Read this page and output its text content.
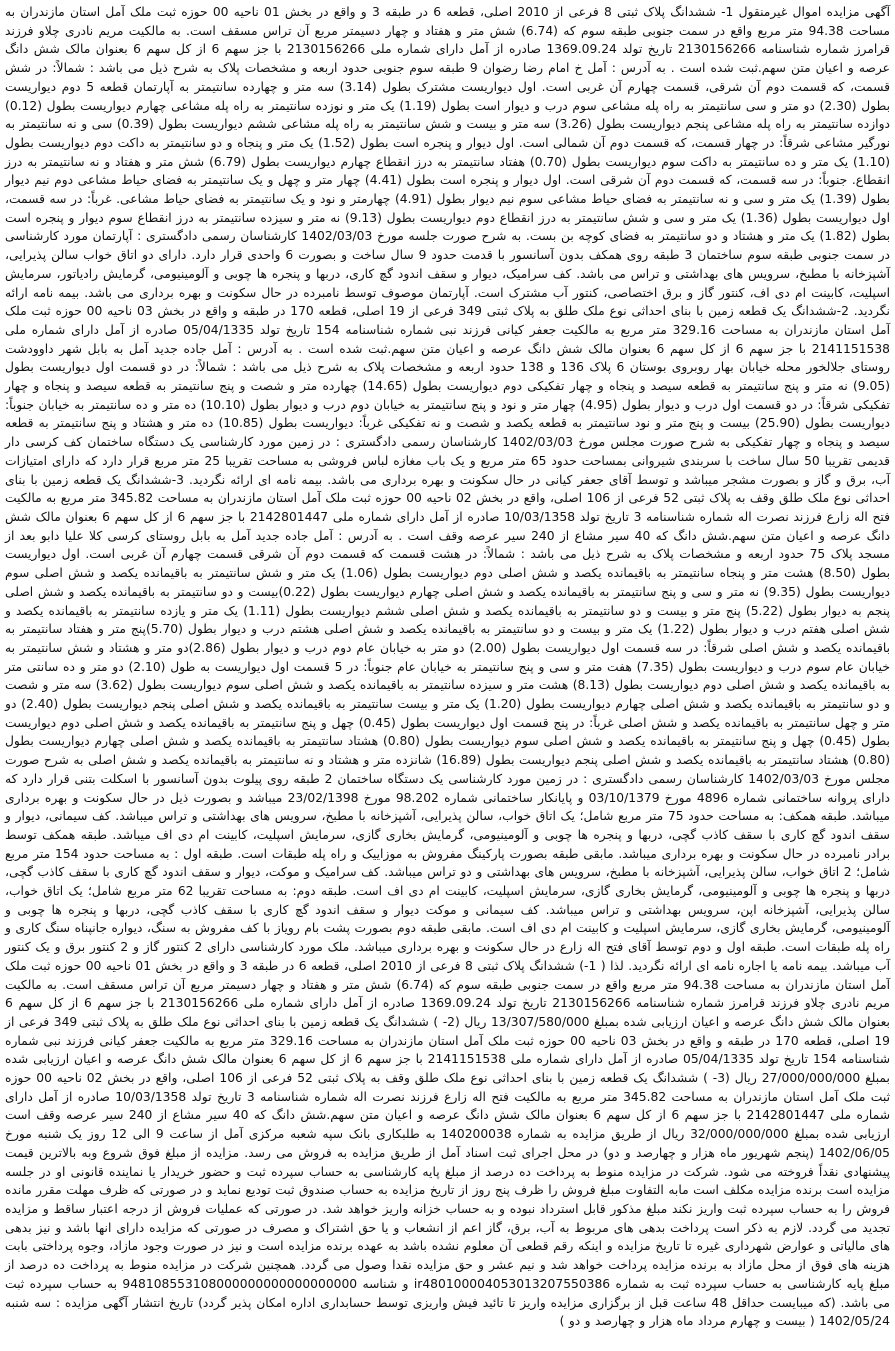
آگهی مزایده اموال غیرمنقول 1- ششدانگ پلاک ثبتی 8 فرعی از 2010 اصلی، قطعه 6 در طبقه 3 و واقع در بخش 01 ناحیه 00 حوزه ثبت ملک آمل استان مازندران به مساحت 94.38 متر مربع واقع در سمت جنوبی طبقه سوم که (6.74) شش متر و هفتاد و چهار دسیمتر مربع آن تراس مسقف است. به مالکیت مریم نادری چلاو فرزند قرامرز شماره شناسنامه 2130156266 تاریخ تولد 1369.09.24 صادره از آمل دارای شماره ملی 2130156266 با جز سهم 6 از کل سهم 6 بعنوان مالک شش دانگ عرصه و اعیان متن سهم.ثبت شده است . به آدرس : آمل خ امام رضا رضوان 9 طبقه سوم جنوبی حدود اربعه و مشخصات پلاک به شرح ذیل می باشد : شمالاً: در شش قسمت، که قسمت دوم آن شرقی، قسمت چهارم آن غربی است. اول دیواریست مشترک بطول (3.14) سه متر و چهارده سانتیمتر به آپارتمان قطعه 5 دوم دیواریست بطول (2.30) دو متر و سی سانتیمتر به راه پله مشاعی سوم درب و دیوار است بطول (1.19) یک متر و نوزده سانتیمتر به راه پله مشاعی چهارم دیواریست بطول (0.12) دوازده سانتیمتر به راه پله مشاعی پنجم دیواریست بطول (3.26) سه متر و بیست و شش سانتیمتر به راه پله مشاعی ششم دیواریست بطول (0.39) سی و نه سانتیمتر به نورگیر مشاعی شرقاً: در چهار قسمت، که قسمت دوم آن شمالی است. اول دیوار و پنجره است بطول (1.52) یک متر و پنجاه و دو سانتیمتر به داکت دوم دیواریست بطول (1.10) یک متر و ده سانتیمتر به داکت سوم دیواریست بطول (0.70) هفتاد سانتیمتر به درز انقطاع چهارم دیواریست بطول (6.79) شش متر و هفتاد و نه سانتیمتر به درز انقطاع. جنوباً: در سه قسمت، که قسمت دوم آن شرقی است. اول دیوار و پنجره است بطول (4.41) چهار متر و چهل و یک سانتیمتر به فضای حیاط مشاعی دوم نیم دیوار بطول (1.39) یک متر و سی و نه سانتیمتر به فضای حیاط مشاعی سوم نیم دیوار بطول (4.91) چهارمتر و نود و یک سانتیمتر به فضای حیاط مشاعی. غرباً: در سه قسمت، اول دیواریست بطول (1.36) یک متر و سی و شش سانتیمتر به درز انقطاع دوم دیواریست بطول (9.13) نه متر و سیزده سانتیمتر به درز انقطاع سوم دیوار و پنجره است بطول (1.82) یک متر و هشتاد و دو سانتیمتر به فضای کوچه بن بست. به شرح صورت جلسه مورخ 1402/03/03 کارشناسان رسمی دادگستری : آپارتمان مورد کارشناسی در سمت جنوبی طبقه سوم ساختمان 3 طبقه روی همکف بدون آسانسور با قدمت حدود 9 سال ساخت و بصورت 6 واحدی قرار دارد. دارای دو اتاق خواب سالن پذیرایی، آشپزخانه با مطبخ، سرویس های بهداشتی و تراس می باشد. کف سرامیک، دیوار و سقف اندود گچ کاری، دربها و پنجره ها چوبی و آلومینیومی، گرمایش رادیاتور، سرمایش اسپلیت، کابینت ام دی اف، کنتور گاز و برق اختصاصی، کنتور آب مشترک است. آپارتمان موصوف توسط نامبرده در حال سکونت و بهره برداری می باشد. بیمه نامه ارائه نگردید. 2-ششدانگ یک قطعه زمین با بنای احداثی نوع ملک طلق به پلاک ثبتی 349 فرعی از 19 اصلی، قطعه 170 در طبقه و واقع در بخش 03 ناحیه 00 حوزه ثبت ملک آمل استان مازندران به مساحت 329.16 متر مربع به مالکیت جعفر کیانی فرزند نبی شماره شناسنامه 154 تاریخ تولد 05/04/1335 صادره از آمل دارای شماره ملی 2141151538 با جز سهم 6 از کل سهم 6 بعنوان مالک شش دانگ عرصه و اعیان متن سهم.ثبت شده است . به آدرس : آمل جاده جدید آمل به بابل شهر داوودشت روستای جلالخور محله خیابان بهار روبروی بوستان 6 پلاک 136 و 138 حدود اربعه و مشخصات پلاک به شرح ذیل می باشد : شمالاً: در دو قسمت اول دیواریست بطول (9.05) نه متر و پنج سانتیمتر به قطعه سیصد و پنجاه و چهار تفکیکی دوم دیواریست بطول (14.65) چهارده متر و شصت و پنج سانتیمتر به قطعه سیصد و پنجاه و چهار تفکیکی شرقاً: در دو قسمت اول درب و دیوار بطول (4.95) چهار متر و نود و پنج سانتیمتر به خیابان دوم درب و دیوار بطول (10.10) ده متر و ده سانتیمتر به خیابان جنوباً: دیواریست بطول (25.90) بیست و پنج متر و نود سانتیمتر به قطعه یکصد و شصت و نه تفکیکی غرباً: دیواریست بطول (10.85) ده متر و هشتاد و پنج سانتیمتر به قطعه سیصد و پنجاه و چهار تفکیکی به شرح صورت مجلس مورخ 1402/03/03 کارشناسان رسمی دادگستری : در زمین مورد کارشناسی یک دستگاه ساختمان کف کرسی دار قدیمی تقریبا 50 سال ساخت با سربندی شیروانی بمساحت حدود 65 متر مربع و یک باب مغازه لباس فروشی به مساحت تقریبا 25 متر مربع قرار دارد که دارای امتیازات آب، برق و گاز و بصورت مشجر میباشد و توسط آقای جعفر کیانی در حال سکونت و بهره برداری می باشد. بیمه نامه ای ارائه نگردید. 3-ششدانگ یک قطعه زمین با بنای احداثی نوع ملک طلق وقف به پلاک ثبتی 52 فرعی از 106 اصلی، واقع در بخش 02 ناحیه 00 حوزه ثبت ملک آمل استان مازندران به مساحت 345.82 متر مربع به مالکیت فتح اله زارع فرزند نصرت اله شماره شناسنامه 3 تاریخ تولد 10/03/1358 صادره از آمل دارای شماره ملی 2142801447 با جز سهم 6 از کل سهم 6 بعنوان مالک شش دانگ عرصه و اعیان متن سهم.شش دانگ که 40 سیر مشاع از 240 سیر عرصه وقف است . به آدرس : آمل جاده جدید آمل به بابل روستای کرسی کلا علیا دابو بعد از مسجد پلاک 75 حدود اربعه و مشخصات پلاک به شرح ذیل می باشد : شمالاً: در هشت قسمت که قسمت دوم آن شرقی قسمت چهارم آن غربی است. اول دیواریست بطول (8.50) هشت متر و پنجاه سانتیمتر به باقیمانده یکصد و شش اصلی دوم دیواریست بطول (1.06) یک متر و شش سانتیمتر به باقیمانده یکصد و شش اصلی سوم دیواریست بطول (9.35) نه متر و سی و پنج سانتیمتر به باقیمانده یکصد و شش اصلی چهارم دیواریست بطول (0.22)بیست و دو سانتیمتر به باقیمانده یکصد و شش اصلی پنجم به دیوار بطول (5.22) پنج متر و بیست و دو سانتیمتر به باقیمانده یکصد و شش اصلی ششم دیواریست بطول (1.11) یک متر و یازده سانتیمتر به باقیمانده یکصد و شش اصلی هفتم درب و دیوار بطول (1.22) یک متر و بیست و دو سانتیمتر به باقیمانده یکصد و شش اصلی هشتم درب و دیوار بطول (5.70)پنج متر و هفتاد سانتیمتر به باقیمانده یکصد و شش اصلی شرقاً: در سه قسمت اول دیواریست بطول (2.00) دو متر به خیابان عام دوم درب و دیوار بطول (2.86)دو متر و هشتاد و شش سانتیمتر به خیابان عام سوم درب و دیواریست بطول (7.35) هفت متر و سی و پنج سانتیمتر به خیابان عام جنوباً: در 5 قسمت اول دیواریست به طول (2.10) دو متر و ده سانتی متر به باقیمانده یکصد و شش اصلی دوم دیواریست بطول (8.13) هشت متر و سیزده سانتیمتر به باقیمانده یکصد و شش اصلی سوم دیواریست بطول (3.62) سه متر و شصت و دو سانتیمتر به باقیمانده یکصد و شش اصلی چهارم دیواریست بطول (1.20) یک متر و بیست سانتیمتر به باقیمانده یکصد و شش اصلی پنجم دیواریست بطول (2.40) دو متر و چهل سانتیمتر به باقیمانده یکصد و شش اصلی غرباً: در پنج قسمت اول دیواریست بطول (0.45) چهل و پنج سانتیمتر به باقیمانده یکصد و شش اصلی دوم دیواریست بطول (0.45) چهل و پنج سانتیمتر به باقیمانده یکصد و شش اصلی سوم دیواریست بطول (0.80) هشتاد سانتیمتر به باقیمانده یکصد و شش اصلی چهارم دیواریست بطول (0.80) هشتاد سانتیمتر به باقیمانده یکصد و شش اصلی پنجم دیواریست بطول (16.89) شانزده متر و هشتاد و نه سانتیمتر به باقیمانده یکصد و شش اصلی به شرح صورت مجلس مورخ 1402/03/03 کارشناسان رسمی دادگستری : در زمین مورد کارشناسی یک دستگاه ساختمان 2 طبقه روی پیلوت بدون آسانسور با اسکلت بتنی قرار دارد که دارای پروانه ساختمانی شماره 4896 مورخ 03/10/1379 و پایانکار ساختمانی شماره 98.202 مورخ 23/02/1398 میباشد و بصورت ذیل در حال سکونت و بهره برداری میباشد. طبقه همکف: به مساحت حدود 75 متر مربع شامل؛ یک اتاق خواب، سالن پذیرایی، آشپزخانه با مطبخ، سرویس های بهداشتی و تراس میباشد. کف سیمانی، دیوار و سقف اندود گچ کاری با سقف کاذب گچی، دربها و پنجره ها چوبی و آلومینیومی، گرمایش بخاری گازی، سرمایش اسپلیت، کابینت ام دی اف میباشد. طبقه همکف توسط برادر نامبرده در حال سکونت و بهره برداری میباشد. مابقی طبقه بصورت پارکینگ مفروش به موزاییک و راه پله طبقات است. طبقه اول : به مساحت حدود 154 متر مربع شامل؛ 2 اتاق خواب، سالن پذیرایی، آشپزخانه با مطبخ، سرویس های بهداشتی و دو تراس میباشد. کف سرامیک و موکت، دیوار و سقف اندود گچ کاری با سقف کاذب گچی، دربها و پنجره ها چوبی و آلومینیومی، گرمایش بخاری گازی، سرمایش اسپلیت، کابینت ام دی اف است. طبقه دوم: به مساحت تقریبا 62 متر مربع شامل؛ یک اتاق خواب، سالن پذیرایی، آشپزخانه اپن، سرویس بهداشتی و تراس میباشد. کف سیمانی و موکت دیوار و سقف اندود گچ کاری با سقف کاذب گچی، دربها و پنجره ها چوبی و آلومینیومی، گرمایش بخاری گازی، سرمایش اسپلیت و کابینت ام دی اف است. مابقی طبقه دوم بصورت پشت بام رویاز با کف مفروش به سنگ، دیواره جانپناه سنگ کاری و راه پله طبقات است. طبقه اول و دوم توسط آقای فتح اله زارع در حال سکونت و بهره برداری میباشد. ملک مورد کارشناسی دارای 2 کنتور گاز و 2 کنتور برق و یک کنتور آب میباشد. بیمه نامه یا اجاره نامه ای ارائه نگردید. لذا ( 1-) ششدانگ پلاک ثبتی 8 فرعی از 2010 اصلی، قطعه 6 در طبقه 3 و واقع در بخش 01 ناحیه 00 حوزه ثبت ملک آمل استان مازندران به مساحت 94.38 متر مربع واقع در سمت جنوبی طبقه سوم که (6.74) شش متر و هفتاد و چهار دسیمتر مربع آن تراس مسقف است. به مالکیت مریم نادری چلاو فرزند قرامرز شماره شناسنامه 2130156266 تاریخ تولد 1369.09.24 صادره از آمل دارای شماره ملی 2130156266 با جز سهم 6 از کل سهم 6 بعنوان مالک شش دانگ عرصه و اعیان ارزیابی شده بمبلغ 13/307/580/000 ریال (2- ) ششدانگ یک قطعه زمین با بنای احداثی نوع ملک طلق به پلاک ثبتی 349 فرعی از 19 اصلی، قطعه 170 در طبقه و واقع در بخش 03 ناحیه 00 حوزه ثبت ملک آمل استان مازندران به مساحت 329.16 متر مربع به مالکیت جعفر کیانی فرزند نبی شماره شناسنامه 154 تاریخ تولد 05/04/1335 صادره از آمل دارای شماره ملی 2141151538 با جز سهم 6 از کل سهم 6 بعنوان مالک شش دانگ عرصه و اعیان ارزیابی شده بمبلغ 27/000/000/000 ریال (3- ) ششدانگ یک قطعه زمین با بنای احداثی نوع ملک طلق وقف به پلاک ثبتی 52 فرعی از 106 اصلی، واقع در بخش 02 ناحیه 00 حوزه ثبت ملک آمل استان مازندران به مساحت 345.82 متر مربع به مالکیت فتح اله زارع فرزند نصرت اله شماره شناسنامه 3 تاریخ تولد 10/03/1358 صادره از آمل دارای شماره ملی 2142801447 با جز سهم 6 از کل سهم 6 بعنوان مالک شش دانگ عرصه و اعیان متن سهم.شش دانگ که 40 سیر مشاع از 240 سیر عرصه وقف است ارزیابی شده بمبلغ 32/000/000/000 ریال از طریق مزایده به شماره 140200038 به طلبکاری بانک سپه شعبه مرکزی آمل از ساعت 9 الی 12 روز یک شنبه مورخ 1402/06/05 (پنجم شهریور ماه هزار و چهارصد و دو) در محل اجرای ثبت اسناد آمل از طریق مزایده به فروش می رسد. مزایده از مبلغ فوق شروع وبه بالاترین قیمت پیشنهادی نقداً فروخته می شود. شرکت در مزایده منوط به پرداخت ده درصد از مبلغ پایه کارشناسی به حساب سپرده ثبت و حضور خریدار یا نماینده قانونی او در جلسه مزایده است برنده مزایده مکلف است مابه التفاوت مبلغ فروش را ظرف پنج روز از تاریخ مزایده به حساب صندوق ثبت تودیع نماید و در صورتی که ظرف مهلت مقرر مانده فروش را به حساب سپرده ثبت واریز نکند مبلغ مذکور قابل استرداد نبوده و به حساب خزانه واریز خواهد شد. در صورتی که عملیات فروش از درجه اعتبار ساقط و مزایده تجدید می گردد. لازم به ذکر است پرداخت بدهی های مربوط به آب، برق، گاز اعم از انشعاب و یا حق اشتراک و مصرف در صورتی که مزایده دارای انها باشد و نیز بدهی های مالیاتی و عوارض شهرداری غیره تا تاریخ مزایده و اینکه رقم قطعی آن معلوم نشده باشد به عهده برنده مزایده است و نیز در صورت وجود مازاد، وجوه پرداختی بابت هزینه های فوق از محل مازاد به برنده مزایده پرداخت خواهد شد و نیم عشر و حق مزایده نقدا وصول می گردد. همچنین شرکت در مزایده منوط به پرداخت ده درصد از مبلغ پایه کارشناسی به حساب سپرده ثبت به شماره ir480100004053013207550386 و شناسه 948108553108000000000000000000 به حساب سپرده ثبت می باشد. (که میبایست حداقل 48 ساعت قبل از برگزاری مزایده واریز تا تائید فیش واریزی توسط حسابداری اداره امکان پذیر گردد) تاریخ انتشار آگهی مزایده : سه شنبه 1402/05/24 ( بیست و چهارم مرداد ماه هزار و چهارصد و دو )
